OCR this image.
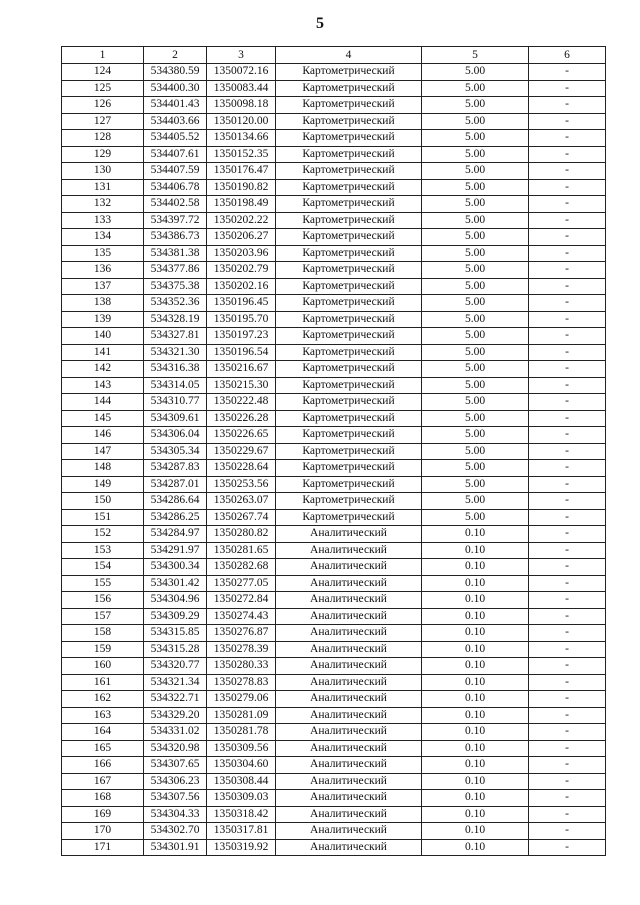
5
1	2	3	4	5	6
124	534380.59	1350072.16	Картометрический	5.00	-
125	534400.30	1350083.44	Картометрический	5.00	-
126	534401.43	1350098.18	Картометрический	5.00	-
127	534403.66	1350120.00	Картометрический	5.00	-
128	534405.52	1350134.66	Картометрический	5.00	-
129	534407.61	1350152.35	Картометрический	5.00	-
130	534407.59	1350176.47	Картометрический	5.00	-
131	534406.78	1350190.82	Картометрический	5.00	-
132	534402.58	1350198.49	Картометрический	5.00	-
133	534397.72	1350202.22	Картометрический	5.00	-
134	534386.73	1350206.27	Картометрический	5.00	-
135	534381.38	1350203.96	Картометрический	5.00	-
136	534377.86	1350202.79	Картометрический	5.00	-
137	534375.38	1350202.16	Картометрический	5.00	-
138	534352.36	1350196.45	Картометрический	5.00	-
139	534328.19	1350195.70	Картометрический	5.00	-
140	534327.81	1350197.23	Картометрический	5.00	-
141	534321.30	1350196.54	Картометрический	5.00	-
142	534316.38	1350216.67	Картометрический	5.00	-
143	534314.05	1350215.30	Картометрический	5.00	-
144	534310.77	1350222.48	Картометрический	5.00	-
145	534309.61	1350226.28	Картометрический	5.00	-
146	534306.04	1350226.65	Картометрический	5.00	-
147	534305.34	1350229.67	Картометрический	5.00	-
148	534287.83	1350228.64	Картометрический	5.00	-
149	534287.01	1350253.56	Картометрический	5.00	-
150	534286.64	1350263.07	Картометрический	5.00	-
151	534286.25	1350267.74	Картометрический	5.00	-
152	534284.97	1350280.82	Аналитический	0.10	-
153	534291.97	1350281.65	Аналитический	0.10	-
154	534300.34	1350282.68	Аналитический	0.10	-
155	534301.42	1350277.05	Аналитический	0.10	-
156	534304.96	1350272.84	Аналитический	0.10	-
157	534309.29	1350274.43	Аналитический	0.10	-
158	534315.85	1350276.87	Аналитический	0.10	-
159	534315.28	1350278.39	Аналитический	0.10	-
160	534320.77	1350280.33	Аналитический	0.10	-
161	534321.34	1350278.83	Аналитический	0.10	-
162	534322.71	1350279.06	Аналитический	0.10	-
163	534329.20	1350281.09	Аналитический	0.10	-
164	534331.02	1350281.78	Аналитический	0.10	-
165	534320.98	1350309.56	Аналитический	0.10	-
166	534307.65	1350304.60	Аналитический	0.10	-
167	534306.23	1350308.44	Аналитический	0.10	-
168	534307.56	1350309.03	Аналитический	0.10	-
169	534304.33	1350318.42	Аналитический	0.10	-
170	534302.70	1350317.81	Аналитический	0.10	-
171	534301.91	1350319.92	Аналитический	0.10	-
